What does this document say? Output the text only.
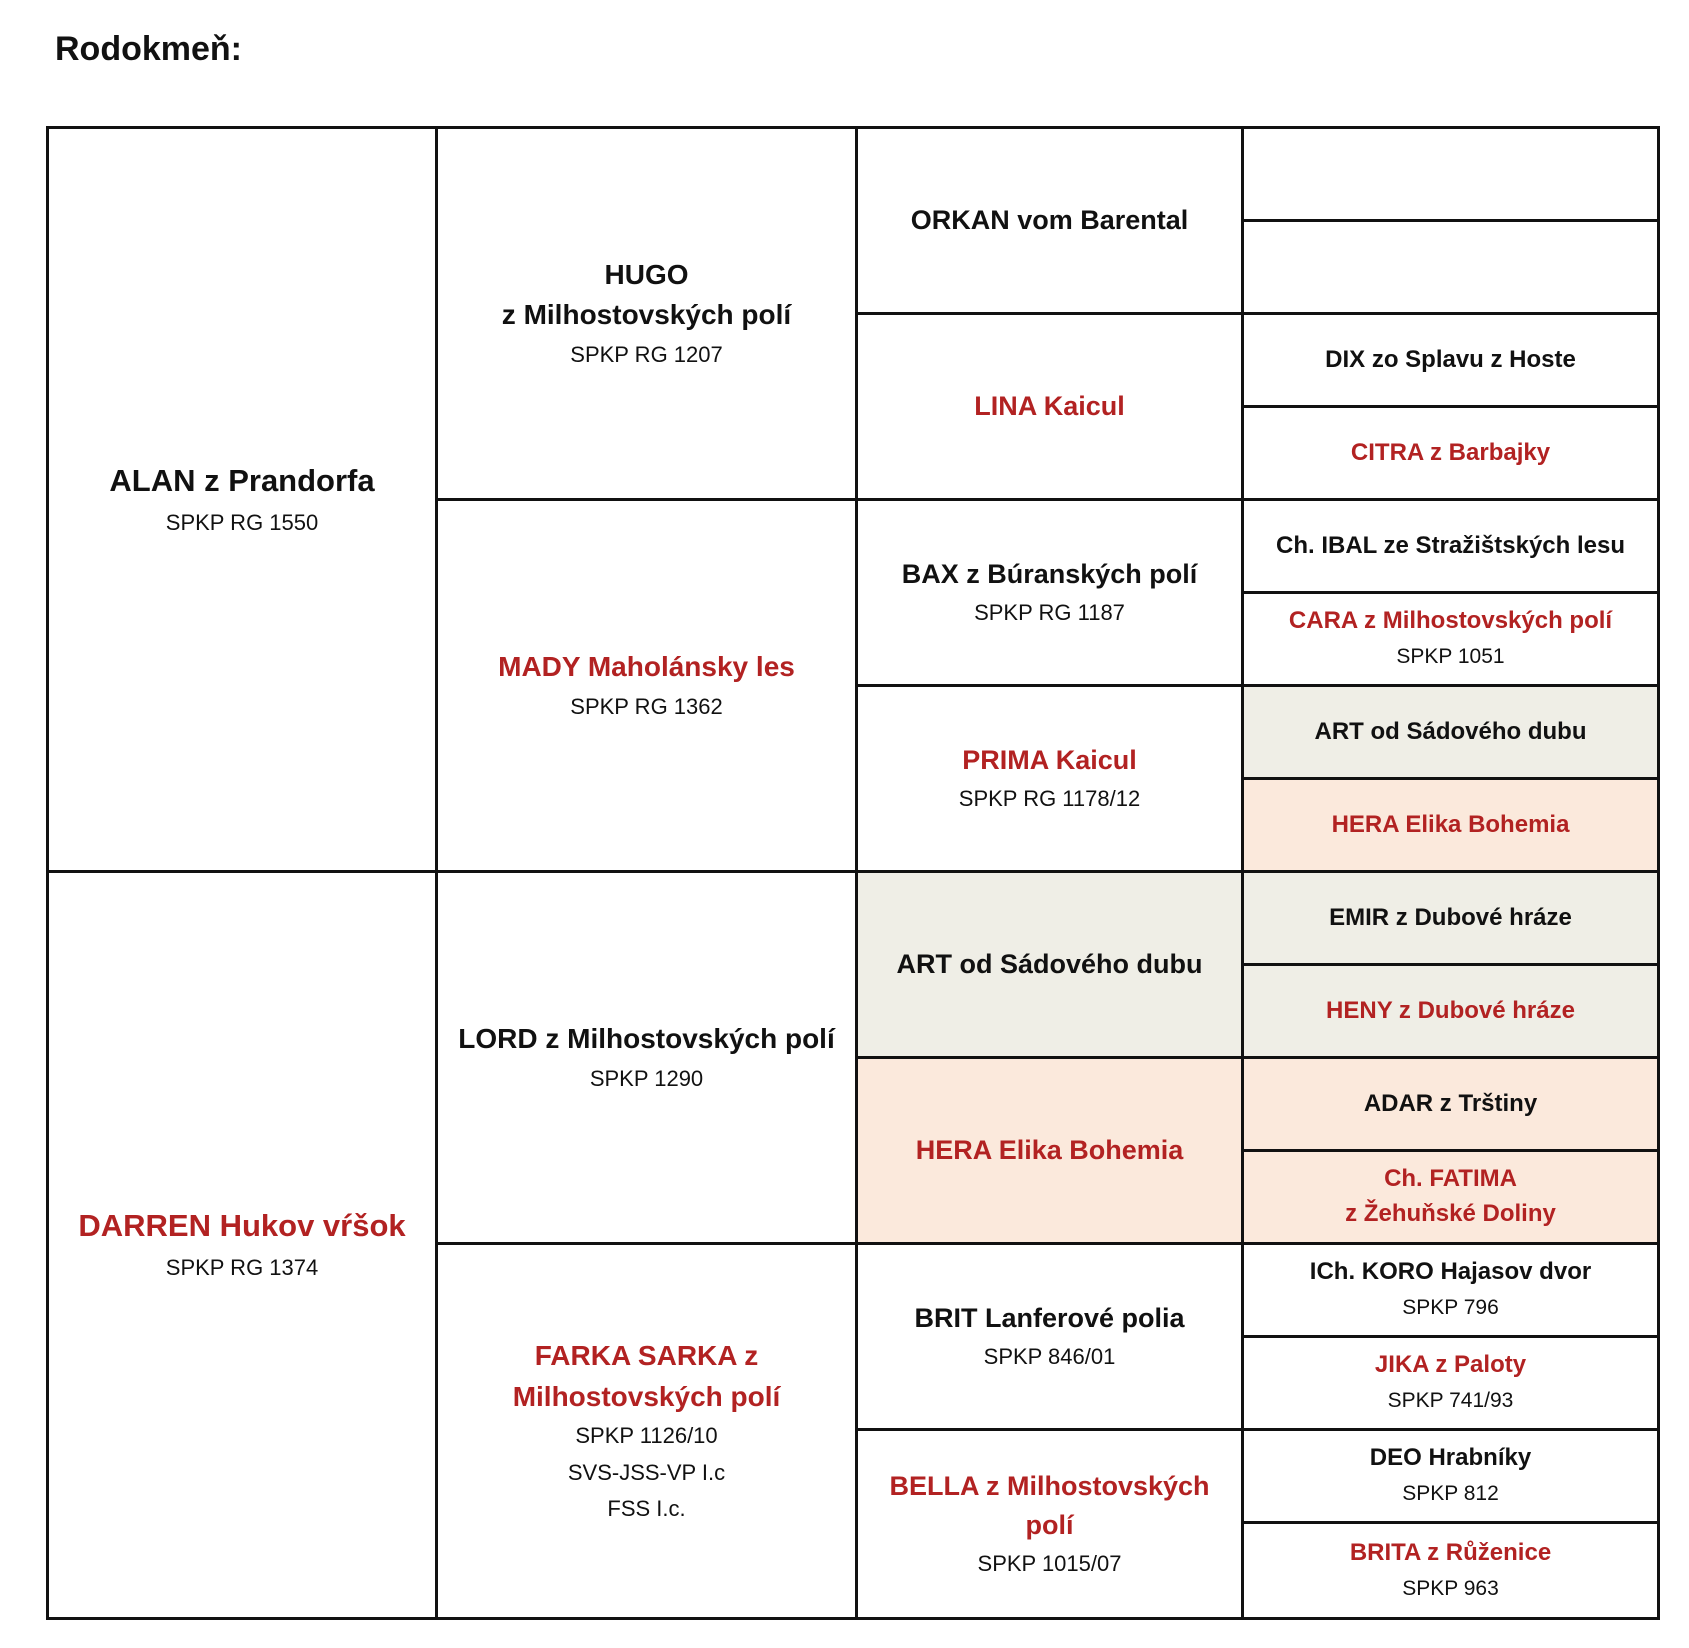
Rodokmeň:
ALAN z Prandorfa
SPKP RG 1550
DARREN Hukov vŕšok
SPKP RG 1374
HUGO
z Milhostovských polí
SPKP RG 1207
MADY Maholánsky les
SPKP RG 1362
LORD z Milhostovských polí
SPKP 1290
FARKA SARKA z
Milhostovských polí
SPKP 1126/10
SVS-JSS-VP I.c
FSS I.c.
ORKAN vom Barental
LINA Kaicul
BAX z Búranských polí
SPKP RG 1187
PRIMA Kaicul
SPKP RG 1178/12
ART od Sádového dubu
HERA Elika Bohemia
BRIT Lanferové polia
SPKP 846/01
BELLA z Milhostovských polí
SPKP 1015/07
DIX zo Splavu z Hoste
CITRA z Barbajky
Ch. IBAL ze Stražištských lesu
CARA z Milhostovských polí
SPKP 1051
ART od Sádového dubu
HERA Elika Bohemia
EMIR z Dubové hráze
HENY z Dubové hráze
ADAR z Trštiny
Ch. FATIMA
z Žehuňské Doliny
ICh. KORO Hajasov dvor
SPKP 796
JIKA z Paloty
SPKP 741/93
DEO Hrabníky
SPKP 812
BRITA z Růženice
SPKP 963
